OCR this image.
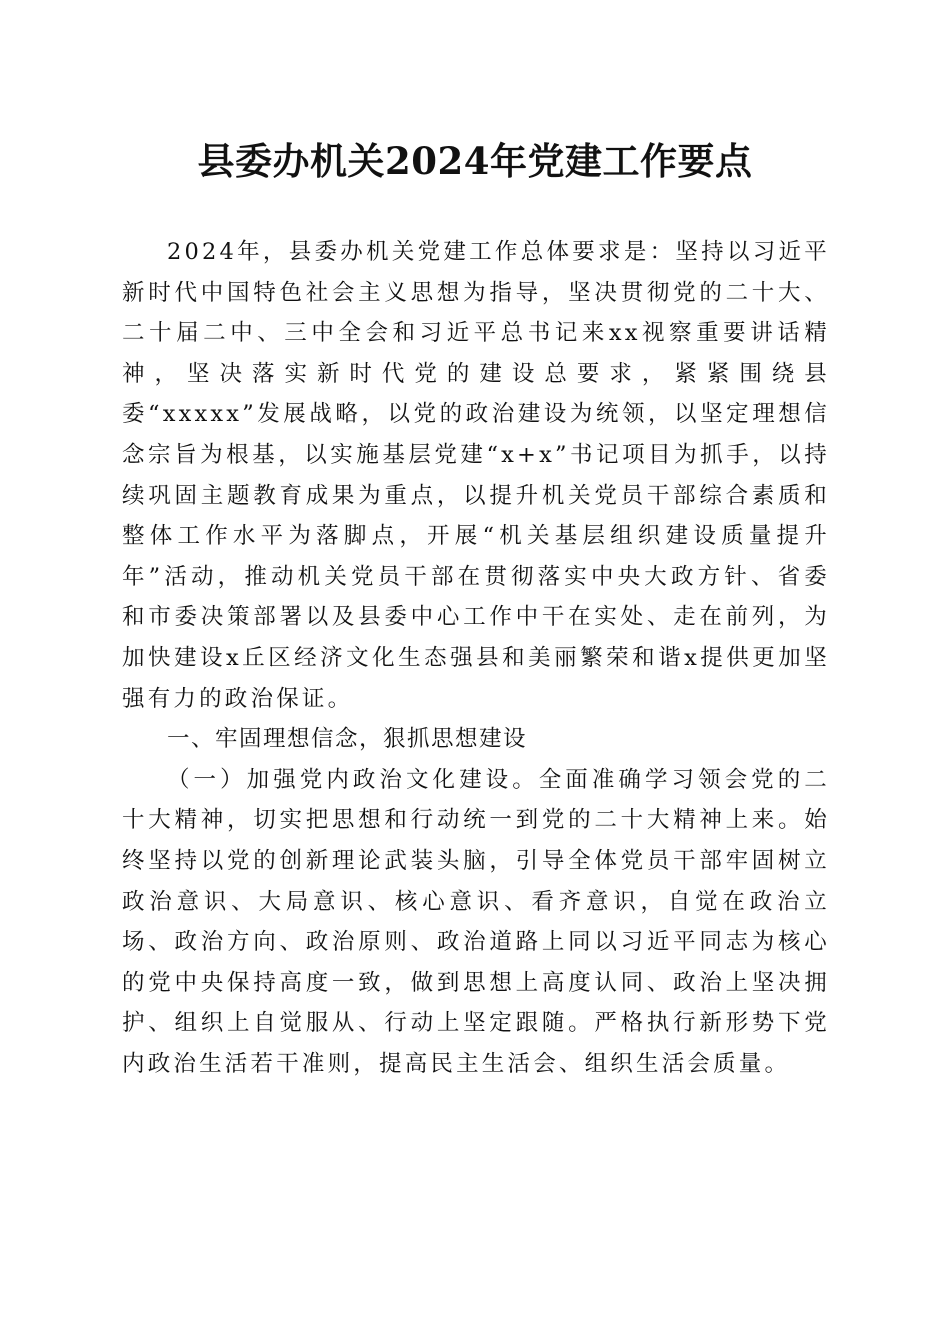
县委办机关2024年党建工作要点

2024年，县委办机关党建工作总体要求是：坚持以习近平新时代中国特色社会主义思想为指导，坚决贯彻党的二十大、二十届二中、三中全会和习近平总书记来xx视察重要讲话精神，坚决落实新时代党的建设总要求，紧紧围绕县委“xxxxx”发展战略，以党的政治建设为统领，以坚定理想信念宗旨为根基，以实施基层党建“x+x”书记项目为抓手，以持续巩固主题教育成果为重点，以提升机关党员干部综合素质和整体工作水平为落脚点，开展“机关基层组织建设质量提升年”活动，推动机关党员干部在贯彻落实中央大政方针、省委和市委决策部署以及县委中心工作中干在实处、走在前列，为加快建设x丘区经济文化生态强县和美丽繁荣和谐x提供更加坚强有力的政治保证。

一、牢固理想信念，狠抓思想建设

（一）加强党内政治文化建设。全面准确学习领会党的二十大精神，切实把思想和行动统一到党的二十大精神上来。始终坚持以党的创新理论武装头脑，引导全体党员干部牢固树立政治意识、大局意识、核心意识、看齐意识，自觉在政治立场、政治方向、政治原则、政治道路上同以习近平同志为核心的党中央保持高度一致，做到思想上高度认同、政治上坚决拥护、组织上自觉服从、行动上坚定跟随。严格执行新形势下党内政治生活若干准则，提高民主生活会、组织生活会质量。
